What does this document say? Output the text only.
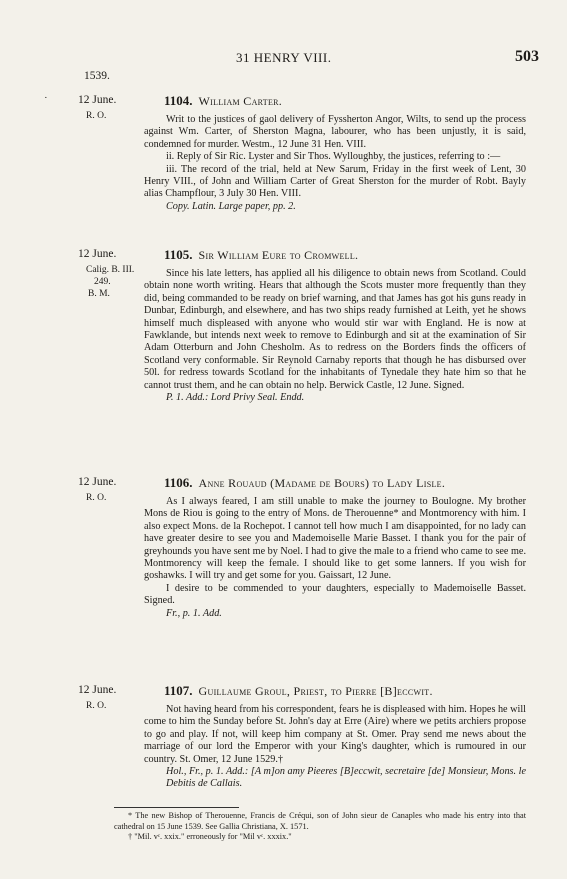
31 HENRY VIII.	503
1539.
˙	12 June.
R. O.
1104. William Carter.

Writ to the justices of gaol delivery of Fyssherton Angor, Wilts, to send up the process against Wm. Carter, of Sherston Magna, labourer, who has been unjustly, it is said, condemned for murder. Westm., 12 June 31 Hen. VIII.

ii. Reply of Sir Ric. Lyster and Sir Thos. Wylloughby, the justices, referring to :—

iii. The record of the trial, held at New Sarum, Friday in the first week of Lent, 30 Henry VIII., of John and William Carter of Great Sherston for the murder of Robt. Bayly alias Champflour, 3 July 30 Hen. VIII.

Copy. Latin. Large paper, pp. 2.

12 June.
Calig. B. III.
249.
B. M.
1105. Sir William Eure to Cromwell.

Since his late letters, has applied all his diligence to obtain news from Scotland. Could obtain none worth writing. Hears that although the Scots muster more frequently than they did, being commanded to be ready on brief warning, and that James has got his guns ready in Dunbar, Edinburgh, and elsewhere, and has two ships ready furnished at Leith, yet he shows himself much displeased with anyone who would stir war with England. He is now at Fawklande, but intends next week to remove to Edinburgh and sit at the examination of Sir Adam Otterburn and John Chesholm. As to redress on the Borders finds the officers of Scotland very conformable. Sir Reynold Carnaby reports that though he has disbursed over 50l. for redress towards Scotland for the inhabitants of Tynedale they hate him so that he cannot trust them, and he can obtain no help. Berwick Castle, 12 June. Signed.

P. 1. Add.: Lord Privy Seal. Endd.

12 June.
R. O.
1106. Anne Rouaud (Madame de Bours) to Lady Lisle.

As I always feared, I am still unable to make the journey to Boulogne. My brother Mons de Riou is going to the entry of Mons. de Therouenne* and Montmorency with him. I also expect Mons. de la Rochepot. I cannot tell how much I am disappointed, for no lady can have greater desire to see you and Mademoiselle Marie Basset. I thank you for the pair of greyhounds you have sent me by Noel. I had to give the male to a friend who came to see me. Montmorency will keep the female. I should like to get some lanners. If you wish for goshawks. I will try and get some for you. Gaissart, 12 June.

I desire to be commended to your daughters, especially to Mademoiselle Basset. Signed.

Fr., p. 1. Add.

12 June.
R. O.
1107. Guillaume Groul, Priest, to Pierre [B]eccwit.

Not having heard from his correspondent, fears he is displeased with him. Hopes he will come to him the Sunday before St. John's day at Erre (Aire) where we petits archiers propose to go and play. If not, will keep him company at St. Omer. Pray send me news about the marriage of our lord the Emperor with your King's daughter, which is rumoured in our country. St. Omer, 12 June 1529.†

Hol., Fr., p. 1. Add.: [A m]on amy Pieeres [B]eccwit, secretaire [de] Monsieur, Mons. le Debitis de Callais.

* The new Bishop of Therouenne, Francis de Créqui, son of John sieur de Canaples who made his entry into that cathedral on 15 June 1539. See Gallia Christiana, X. 1571.

† "Mil. vᶜ. xxix." erroneously for "Mil vᶜ. xxxix."
